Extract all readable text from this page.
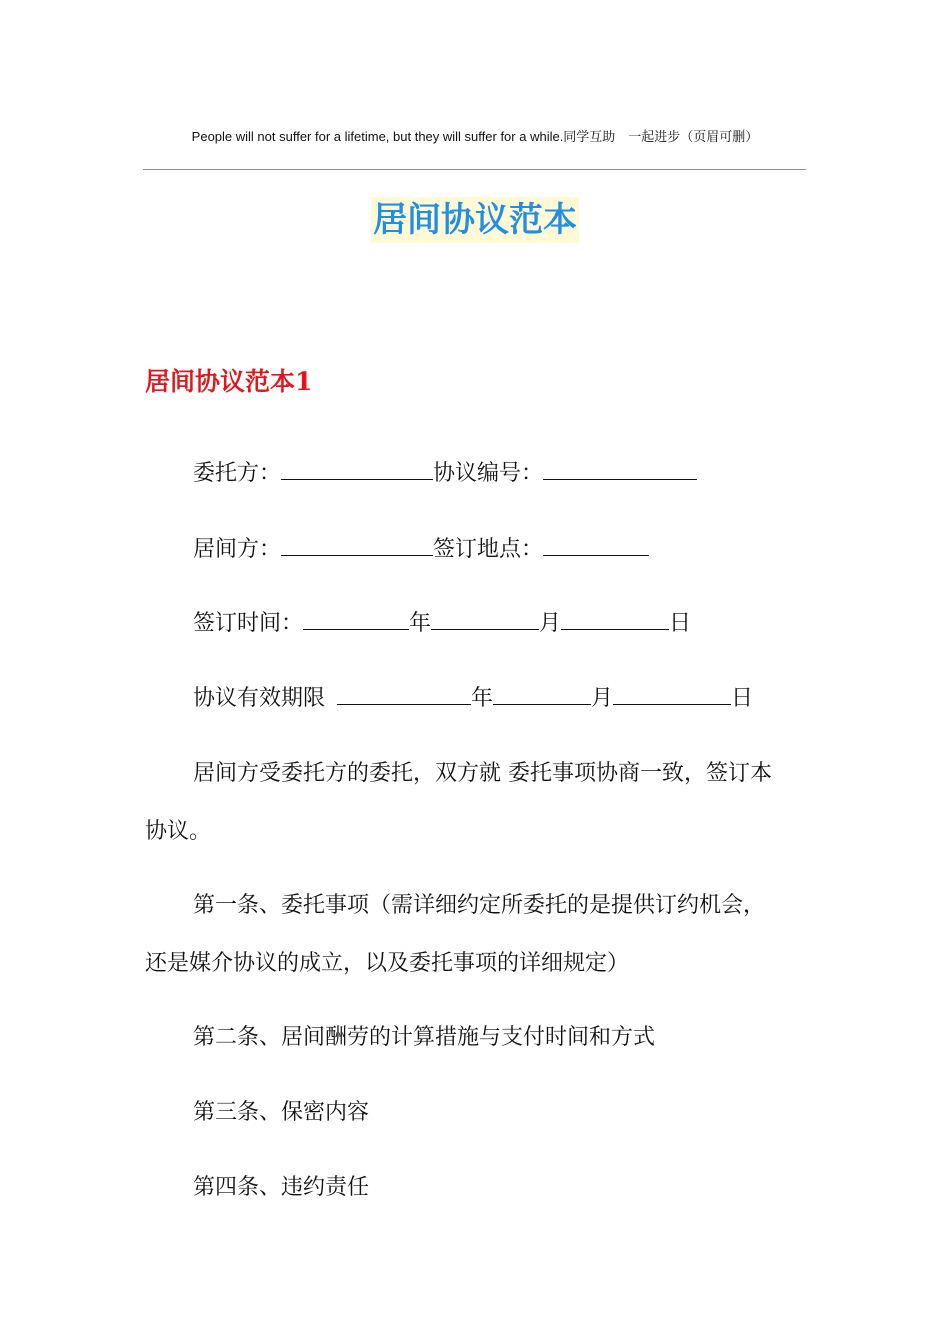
People will not suffer for a lifetime, but they will suffer for a while.同学互助　一起进步（页眉可删）
居间协议范本
居间协议范本1
委托方：	协议编号：
居间方：	签订地点：
签订时间：	年	月	日
协议有效期限	年	月	日
居间方受委托方的委托，双方就 委托事项协商一致，签订本
协议。
第一条、委托事项（需详细约定所委托的是提供订约机会，
还是媒介协议的成立，以及委托事项的详细规定）
第二条、居间酬劳的计算措施与支付时间和方式
第三条、保密内容
第四条、违约责任
